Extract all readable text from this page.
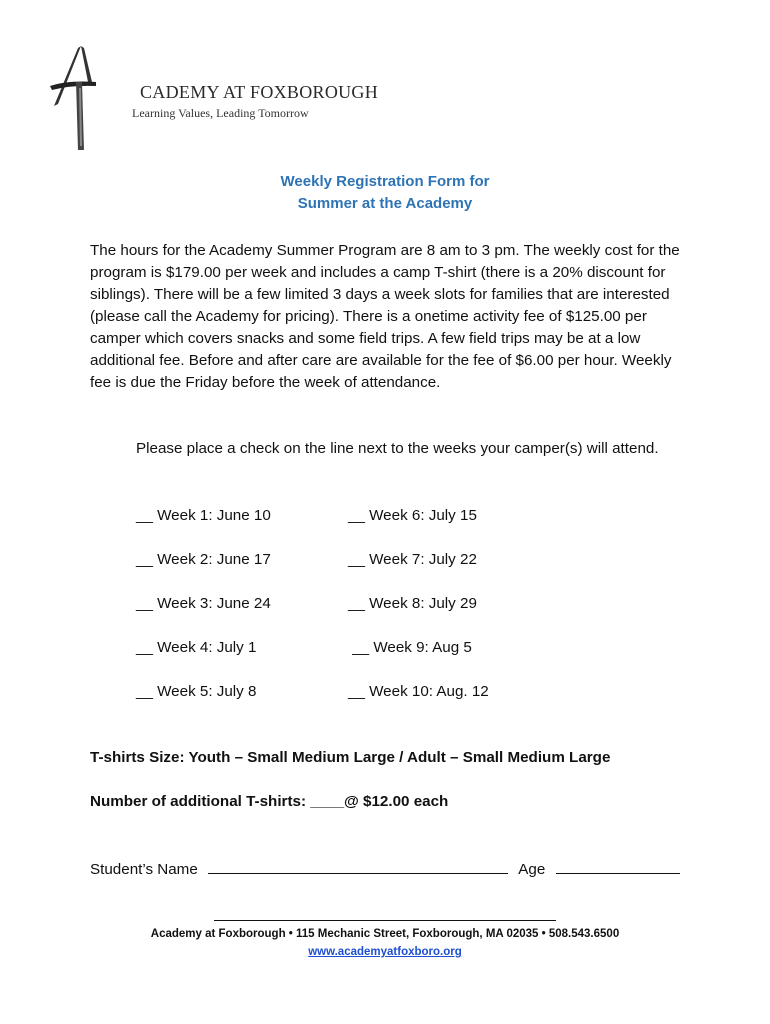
CADEMY AT FOXBOROUGH
Learning Values, Leading Tomorrow
Weekly Registration Form for
Summer at the Academy

The hours for the Academy Summer Program are 8 am to 3 pm. The weekly cost for the program is $179.00 per week and includes a camp T-shirt (there is a 20% discount for siblings). There will be a few limited 3 days a week slots for families that are interested (please call the Academy for pricing). There is a onetime activity fee of $125.00 per camper which covers snacks and some field trips. A few field trips may be at a low additional fee. Before and after care are available for the fee of $6.00 per hour. Weekly fee is due the Friday before the week of attendance.

Please place a check on the line next to the weeks your camper(s) will attend.

__ Week 1: June 10
__ Week 2: June 17
__ Week 3: June 24
__ Week 4: July 1
__ Week 5: July 8
__ Week 6: July 15
__ Week 7: July 22
__ Week 8: July 29
__ Week 9: Aug 5
__ Week 10: Aug. 12
T-shirts Size: Youth – Small Medium Large / Adult – Small Medium Large
Number of additional T-shirts: ____@ $12.00 each
Student’s Name	Age
Academy at Foxborough • 115 Mechanic Street, Foxborough, MA 02035 • 508.543.6500
www.academyatfoxboro.org
